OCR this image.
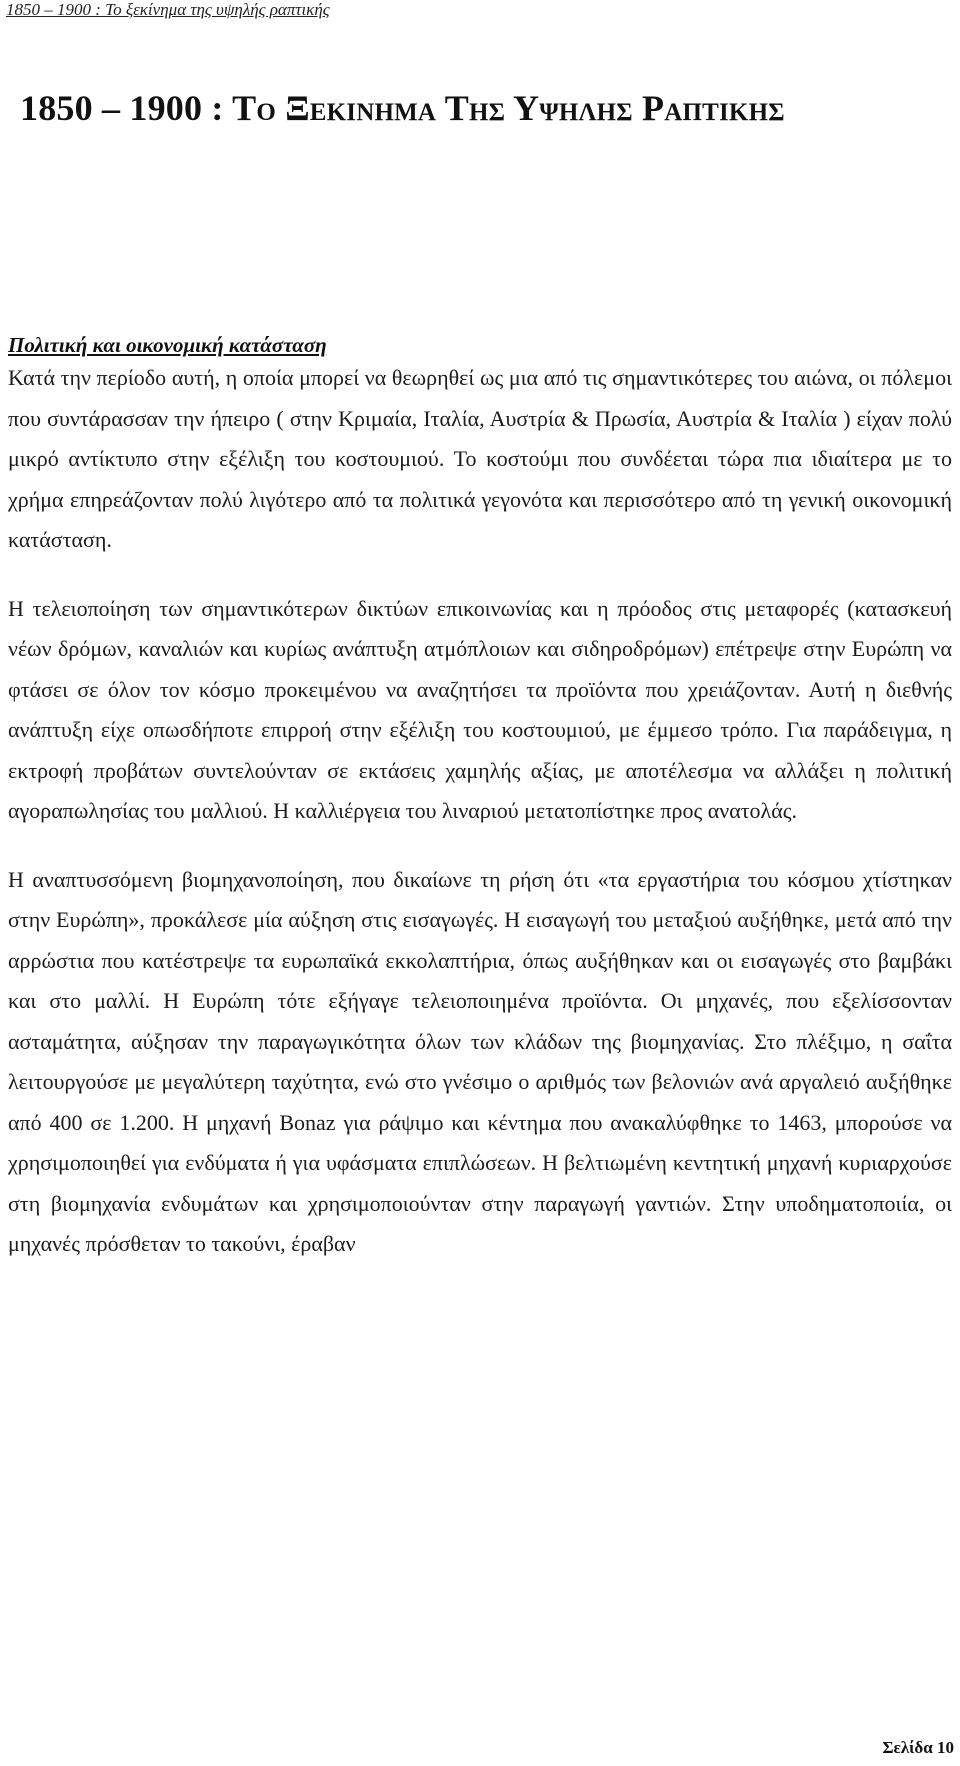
1850 – 1900 : Το ξεκίνημα της υψηλής ραπτικής
1850 – 1900 : Το Ξεκινημα Της Υψηλης Ραπτικης
Πολιτική και οικονομική κατάσταση

Κατά την περίοδο αυτή, η οποία μπορεί να θεωρηθεί ως μια από τις σημαντικότερες του αιώνα, οι πόλεμοι που συντάρασσαν την ήπειρο ( στην Κριμαία, Ιταλία, Αυστρία & Πρωσία, Αυστρία & Ιταλία ) είχαν πολύ μικρό αντίκτυπο στην εξέλιξη του κοστουμιού. Το κοστούμι που συνδέεται τώρα πια ιδιαίτερα με το χρήμα επηρεάζονταν πολύ λιγότερο από τα πολιτικά γεγονότα και περισσότερο από τη γενική οικονομική κατάσταση.

Η τελειοποίηση των σημαντικότερων δικτύων επικοινωνίας και η πρόοδος στις μεταφορές (κατασκευή νέων δρόμων, καναλιών και κυρίως ανάπτυξη ατμόπλοιων και σιδηροδρόμων) επέτρεψε στην Ευρώπη να φτάσει σε όλον τον κόσμο προκειμένου να αναζητήσει τα προϊόντα που χρειάζονταν. Αυτή η διεθνής ανάπτυξη είχε οπωσδήποτε επιρροή στην εξέλιξη του κοστουμιού, με έμμεσο τρόπο. Για παράδειγμα, η εκτροφή προβάτων συντελούνταν σε εκτάσεις χαμηλής αξίας, με αποτέλεσμα να αλλάξει η πολιτική αγοραπωλησίας του μαλλιού. Η καλλιέργεια του λιναριού μετατοπίστηκε προς ανατολάς.

Η αναπτυσσόμενη βιομηχανοποίηση, που δικαίωνε τη ρήση ότι «τα εργαστήρια του κόσμου χτίστηκαν στην Ευρώπη», προκάλεσε μία αύξηση στις εισαγωγές. Η εισαγωγή του μεταξιού αυξήθηκε, μετά από την αρρώστια που κατέστρεψε τα ευρωπαϊκά εκκολαπτήρια, όπως αυξήθηκαν και οι εισαγωγές στο βαμβάκι και στο μαλλί. Η Ευρώπη τότε εξήγαγε τελειοποιημένα προϊόντα. Οι μηχανές, που εξελίσσονταν ασταμάτητα, αύξησαν την παραγωγικότητα όλων των κλάδων της βιομηχανίας. Στο πλέξιμο, η σαΐτα λειτουργούσε με μεγαλύτερη ταχύτητα, ενώ στο γνέσιμο ο αριθμός των βελονιών ανά αργαλειό αυξήθηκε από 400 σε 1.200. Η μηχανή Bonaz για ράψιμο και κέντημα που ανακαλύφθηκε το 1463, μπορούσε να χρησιμοποιηθεί για ενδύματα ή για υφάσματα επιπλώσεων. Η βελτιωμένη κεντητική μηχανή κυριαρχούσε στη βιομηχανία ενδυμάτων και χρησιμοποιούνταν στην παραγωγή γαντιών. Στην υποδηματοποιία, οι μηχανές πρόσθεταν το τακούνι, έραβαν

Σελίδα 10
